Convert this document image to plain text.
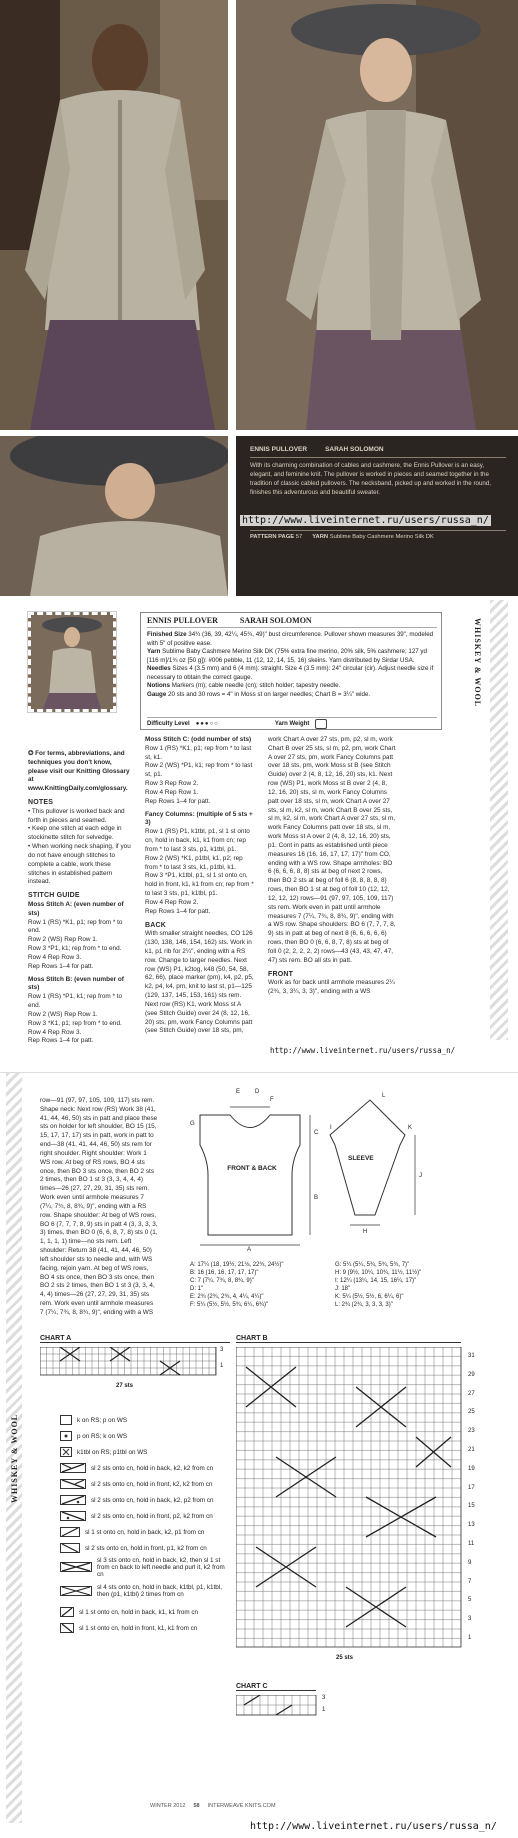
ENNIS PULLOVER	SARAH SOLOMON
With its charming combination of cables and cashmere, the Ennis Pullover is an easy, elegant, and feminine knit. The pullover is worked in pieces and seamed together in the tradition of classic cabled pullovers. The necksband, picked up and worked in the round, finishes this adventurous and beautiful sweater.
PATTERN PAGE 57 YARN Sublime Baby Cashmere Merino Silk DK
http://www.liveinternet.ru/users/russa_n/
ENNIS PULLOVER	SARAH SOLOMON
Finished Size 34¾ (36, 39, 42¼, 45¾, 49)" bust circumference. Pullover shown measures 39", modeled with 5" of positive ease.
Yarn Sublime Baby Cashmere Merino Silk DK (75% extra fine merino, 20% silk, 5% cashmere; 127 yd [116 m]/1¾ oz [50 g]): #006 pebble, 11 (12, 12, 14, 15, 16) skeins. Yarn distributed by Sirdar USA.
Needles Sizes 4 (3.5 mm) and 6 (4 mm): straight. Size 4 (3.5 mm): 24" circular (cir). Adjust needle size if necessary to obtain the correct gauge.
Notions Markers (m); cable needle (cn); stitch holder; tapestry needle.
Gauge 20 sts and 30 rows = 4" in Moss st on larger needles; Chart B = 3¼" wide.
Difficulty Level ●●●○○	Yarn Weight
WHISKEY & WOOL
✪ For terms, abbreviations, and techniques you don't know, please visit our Knitting Glossary at www.KnittingDaily.com/glossary.
NOTES
• This pullover is worked back and forth in pieces and seamed.
• Keep one stitch at each edge in stockinette stitch for selvedge.
• When working neck shaping, if you do not have enough stitches to complete a cable, work these stitches in established pattern instead.
STITCH GUIDE
Moss Stitch A: (even number of sts)
Row 1 (RS) *K1, p1; rep from * to end.
Row 2 (WS) Rep Row 1.
Row 3 *P1, k1; rep from * to end.
Row 4 Rep Row 3.
Rep Rows 1–4 for patt.
Moss Stitch B: (even number of sts)
Row 1 (RS) *P1, k1; rep from * to end.
Row 2 (WS) Rep Row 1.
Row 3 *K1, p1; rep from * to end.
Row 4 Rep Row 3.
Rep Rows 1–4 for patt.
Moss Stitch C: (odd number of sts)
Row 1 (RS) *K1, p1; rep from * to last st, k1.
Row 2 (WS) *P1, k1; rep from * to last st, p1.
Row 3 Rep Row 2.
Row 4 Rep Row 1.
Rep Rows 1–4 for patt.
Fancy Columns: (multiple of 5 sts + 3)
Row 1 (RS) P1, k1tbl, p1, sl 1 st onto cn, hold in back, k1, k1 from cn; rep from * to last 3 sts, p1, k1tbl, p1.
Row 2 (WS) *K1, p1tbl, k1, p2; rep from * to last 3 sts, k1, p1tbl, k1.
Row 3 *P1, k1tbl, p1, sl 1 st onto cn, hold in front, k1, k1 from cn; rep from * to last 3 sts, p1, k1tbl, p1.
Row 4 Rep Row 2.
Rep Rows 1–4 for patt.
BACK
With smaller straight needles, CO 126 (130, 138, 146, 154, 162) sts. Work in k1, p1 rib for 2¼", ending with a RS row. Change to larger needles. Next row (WS) P1, k2tog, k48 (50, 54, 58, 62, 66), place marker (pm), k4, p2, p5, k2, p4, k4, pm, knit to last st, p1—125 (129, 137, 145, 153, 161) sts rem. Next row (RS) K1, work Moss st A (see Stitch Guide) over 24 (8, 12, 16, 20) sts, pm, work Fancy Columns patt (see Stitch Guide) over 18 sts, pm,
work Chart A over 27 sts, pm, p2, sl m, work Chart B over 25 sts, sl m, p2, pm, work Chart A over 27 sts, pm, work Fancy Columns patt over 18 sts, pm, work Moss st B (see Stitch Guide) over 2 (4, 8, 12, 16, 20) sts, k1. Next row (WS) P1, work Moss st B over 2 (4, 8, 12, 16, 20) sts, sl m, work Fancy Columns patt over 18 sts, sl m, work Chart A over 27 sts, sl m, k2, sl m, work Chart B over 25 sts, sl m, k2, sl m, work Chart A over 27 sts, sl m, work Fancy Columns patt over 18 sts, sl m, work Moss st A over 2 (4, 8, 12, 16, 20) sts, p1. Cont in patts as established until piece measures 16 (16, 16, 17, 17, 17)" from CO, ending with a WS row. Shape armholes: BO 6 (6, 6, 6, 8, 8) sts at beg of next 2 rows, then BO 2 sts at beg of foll 6 (8, 8, 8, 8, 8) rows, then BO 1 st at beg of foll 10 (12, 12, 12, 12, 12) rows—91 (97, 97, 105, 109, 117) sts rem. Work even in patt until armhole measures 7 (7¼, 7¾, 8, 8¾, 9)", ending with a WS row. Shape shoulders: BO 6 (7, 7, 7, 8, 9) sts in patt at beg of next 8 (6, 6, 6, 6, 6) rows, then BO 0 (6, 6, 8, 7, 8) sts at beg of foll 0 (2, 2, 2, 2, 2) rows—43 (43, 43, 47, 47, 47) sts rem. BO all sts in patt.
FRONT
Work as for back until armhole measures 2¼ (2¾, 3, 3¼, 3, 3)", ending with a WS
http://www.liveinternet.ru/users/russa_n/
WHISKEY & WOOL
row—91 (97, 97, 105, 109, 117) sts rem. Shape neck: Next row (RS) Work 38 (41, 41, 44, 46, 50) sts in patt and place these sts on holder for left shoulder, BO 15 (15, 15, 17, 17, 17) sts in patt, work in patt to end—38 (41, 41, 44, 46, 50) sts rem for right shoulder. Right shoulder: Work 1 WS row. At beg of RS rows, BO 4 sts once, then BO 3 sts once, then BO 2 sts 2 times, then BO 1 st 3 (3, 3, 4, 4, 4) times—26 (27, 27, 29, 31, 35) sts rem. Work even until armhole measures 7 (7¼, 7¾, 8, 8¾, 9)", ending with a RS row. Shape shoulder: At beg of WS rows, BO 6 (7, 7, 7, 8, 9) sts in patt 4 (3, 3, 3, 3, 3) times, then BO 0 (6, 6, 8, 7, 8) sts 0 (1, 1, 1, 1, 1) time—no sts rem. Left shoulder: Return 38 (41, 41, 44, 46, 50) left shoulder sts to needle and, with WS facing, rejoin yarn. At beg of WS rows, BO 4 sts once, then BO 3 sts once, then BO 2 sts 2 times, then BO 1 st 3 (3, 3, 4, 4, 4) times—26 (27, 27, 29, 31, 35) sts rem. Work even until armhole measures 7 (7¼, 7¾, 8, 8¾, 9)", ending with a WS
FRONT & BACK
SLEEVE
A
B
C
D
E
F
G
H
I
J
K
L
A: 17¼ (18, 19½, 21⅛, 22¾, 24½)"
B: 16 (16, 16, 17, 17, 17)"
C: 7 (7¼, 7¾, 8, 8¾, 9)"
D: 1"
E: 2¾ (2¾, 2¾, 4, 4¼, 4¼)"
F: 5¼ (5½, 5½, 5¾, 6¼, 6¾)"
G: 5¼ (5¼, 5¾, 5¾, 5¾, 7)"
H: 9 (9½, 10¼, 10¾, 11½, 11½)"
I: 12¼ (13¼, 14, 15, 16¼, 17)"
J: 18"
K: 5¼ (5½, 5½, 6, 6¼, 6)"
L: 2¾ (2¾, 3, 3, 3, 3)"
CHART A
3
1
27 sts
k on RS; p on WS
p on RS; k on WS
k1tbl on RS; p1tbl on WS
sl 2 sts onto cn, hold in back, k2, k2 from cn
sl 2 sts onto cn, hold in front, k2, k2 from cn
sl 2 sts onto cn, hold in back, k2, p2 from cn
sl 2 sts onto cn, hold in front, p2, k2 from cn
sl 1 st onto cn, hold in back, k2, p1 from cn
sl 2 sts onto cn, hold in front, p1, k2 from cn
sl 3 sts onto cn, hold in back, k2, then sl 1 st from cn back to left needle and purl it, k2 from cn
sl 4 sts onto cn, hold in back, k1tbl, p1, k1tbl, then (p1, k1tbl) 2 times from cn
sl 1 st onto cn, hold in back, k1, k1 from cn
sl 1 st onto cn, hold in front, k1, k1 from cn
CHART B
31
29
27
25
23
21
19
17
15
13
11
9
7
5
3
1
25 sts
CHART C
3
1
WINTER 2012 58 INTERWEAVE KNITS.COM
http://www.liveinternet.ru/users/russa_n/
